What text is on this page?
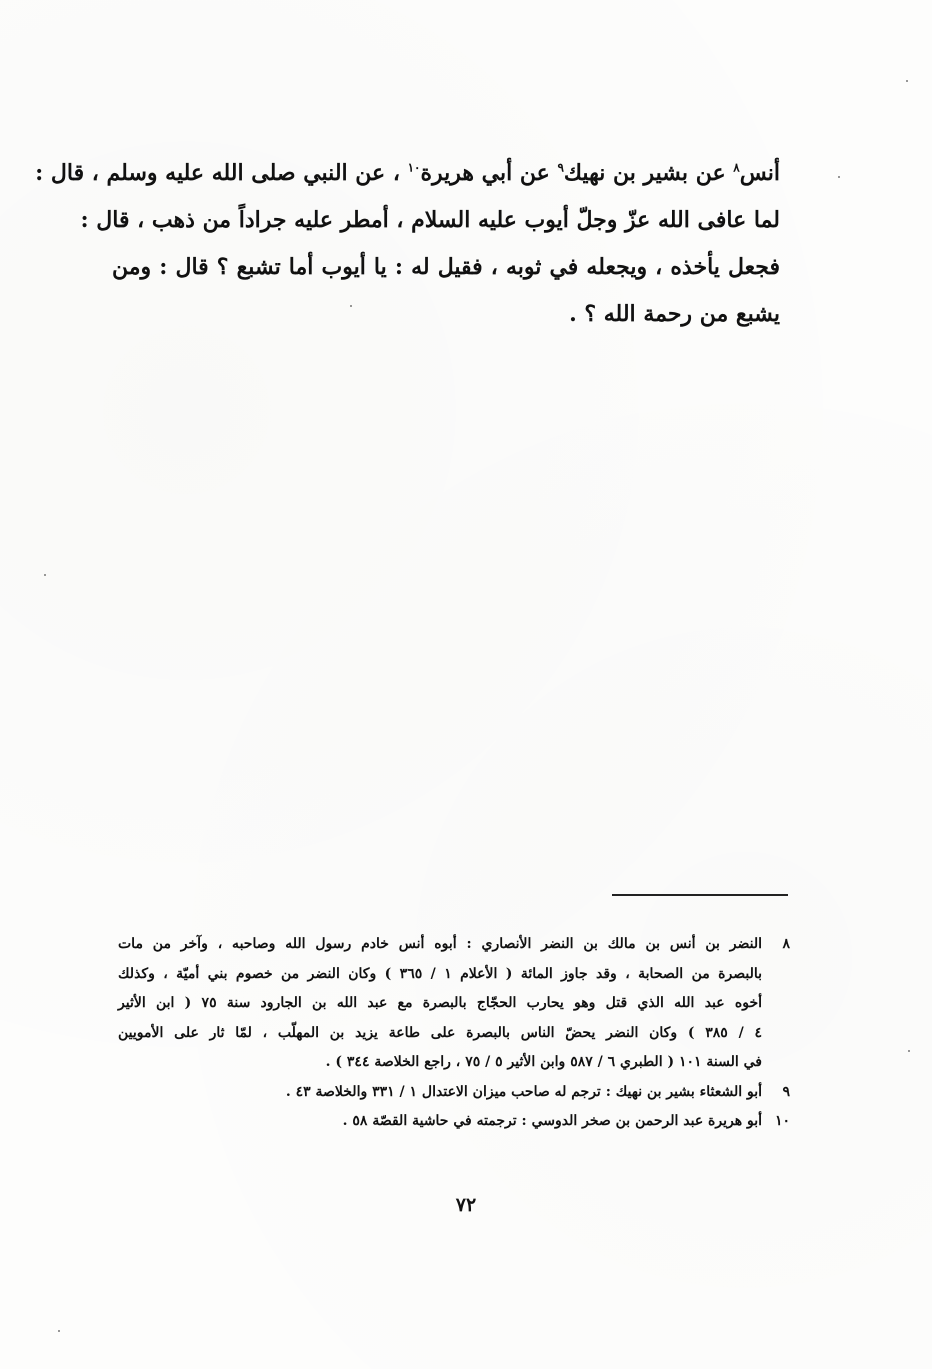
أنس$^٨$ عن بشير بن نهيك$^٩$ عن أبي هريرة$^{١٠}$ ، عن النبي صلى الله عليه وسلم ، قال :

لما عافى الله عزّ وجلّ أيوب عليه السلام ، أمطر عليه جراداً من ذهب ، قال :

فجعل يأخذه ، ويجعله في ثوبه ، فقيل له : يا أيوب أما تشبع ؟ قال : ومن

يشبع من رحمة الله ؟ .

٨
النضر بن أنس بن مالك بن النضر الأنصاري : أبوه أنس خادم رسول الله وصاحبه ، وآخر من مات
بالبصرة من الصحابة ، وقد جاوز المائة ( الأعلام ١ / ٣٦٥ ) وكان النضر من خصوم بني أميّة ، وكذلك
أخوه عبد الله الذي قتل وهو يحارب الحجّاج بالبصرة مع عبد الله بن الجارود سنة ٧٥ ( ابن الأثير
٤ / ٣٨٥ ) وكان النضر يحضّ الناس بالبصرة على طاعة يزيد بن المهلّب ، لمّا ثار على الأمويين
في السنة ١٠١ ( الطبري ٦ / ٥٨٧ وابن الأثير ٥ / ٧٥ ، راجع الخلاصة ٣٤٤ ) .
٩
أبو الشعثاء بشير بن نهيك : ترجم له صاحب ميزان الاعتدال ١ / ٣٣١ والخلاصة ٤٣ .
١٠
أبو هريرة عبد الرحمن بن صخر الدوسي : ترجمته في حاشية القصّة ٥٨ .
٧٢
